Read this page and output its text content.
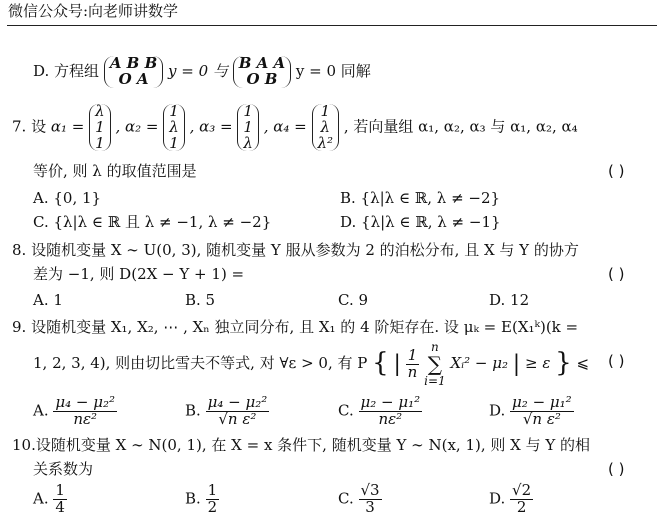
微信公众号:向老师讲数学
D. 方程组 A B B
O A	y = 0 与 B A A
O B	y = 0 同解
7. 设 α₁ =
λ
1
1
, α₂ =
1
λ
1
, α₃ =
1
1
λ
, α₄ =
1
λ
λ²
, 若向量组 α₁, α₂, α₃ 与 α₁, α₂, α₄
等价, 则 λ 的取值范围是	( )
A. {0, 1}	B. {λ|λ ∈ ℝ, λ ≠ −2}
C. {λ|λ ∈ ℝ 且 λ ≠ −1, λ ≠ −2}	D. {λ|λ ∈ ℝ, λ ≠ −1}
8. 设随机变量 X ∼ U(0, 3), 随机变量 Y 服从参数为 2 的泊松分布, 且 X 与 Y 的协方
差为 −1, 则 D(2X − Y + 1) =	( )
A. 1	B. 5	C. 9	D. 12
9. 设随机变量 X₁, X₂, ⋯ , Xₙ 独立同分布, 且 X₁ 的 4 阶矩存在. 设 μₖ = E(X₁ᵏ)(k =
1, 2, 3, 4), 则由切比雪夫不等式, 对 ∀ε > 0, 有 P { | $\frac{1}{n}$

n
∑
i=1
Xᵢ² − μ₂ | ≥ ε } ⩽ ( )
A. $\frac{\text{μ₄ − μ₂²}}{\text{nε²}}$	B. $\frac{\text{μ₄ − μ₂²}}{\text{√n ε²}}$	C. $\frac{\text{μ₂ − μ₁²}}{\text{nε²}}$	D. $\frac{\text{μ₂ − μ₁²}}{\text{√n ε²}}$
10.设随机变量 X ∼ N(0, 1), 在 X = x 条件下, 随机变量 Y ∼ N(x, 1), 则 X 与 Y 的相
关系数为	( )
A. $\frac{1}{4}$	B. $\frac{1}{2}$	C. $\frac{√3}{3}$	D. $\frac{√2}{2}$
